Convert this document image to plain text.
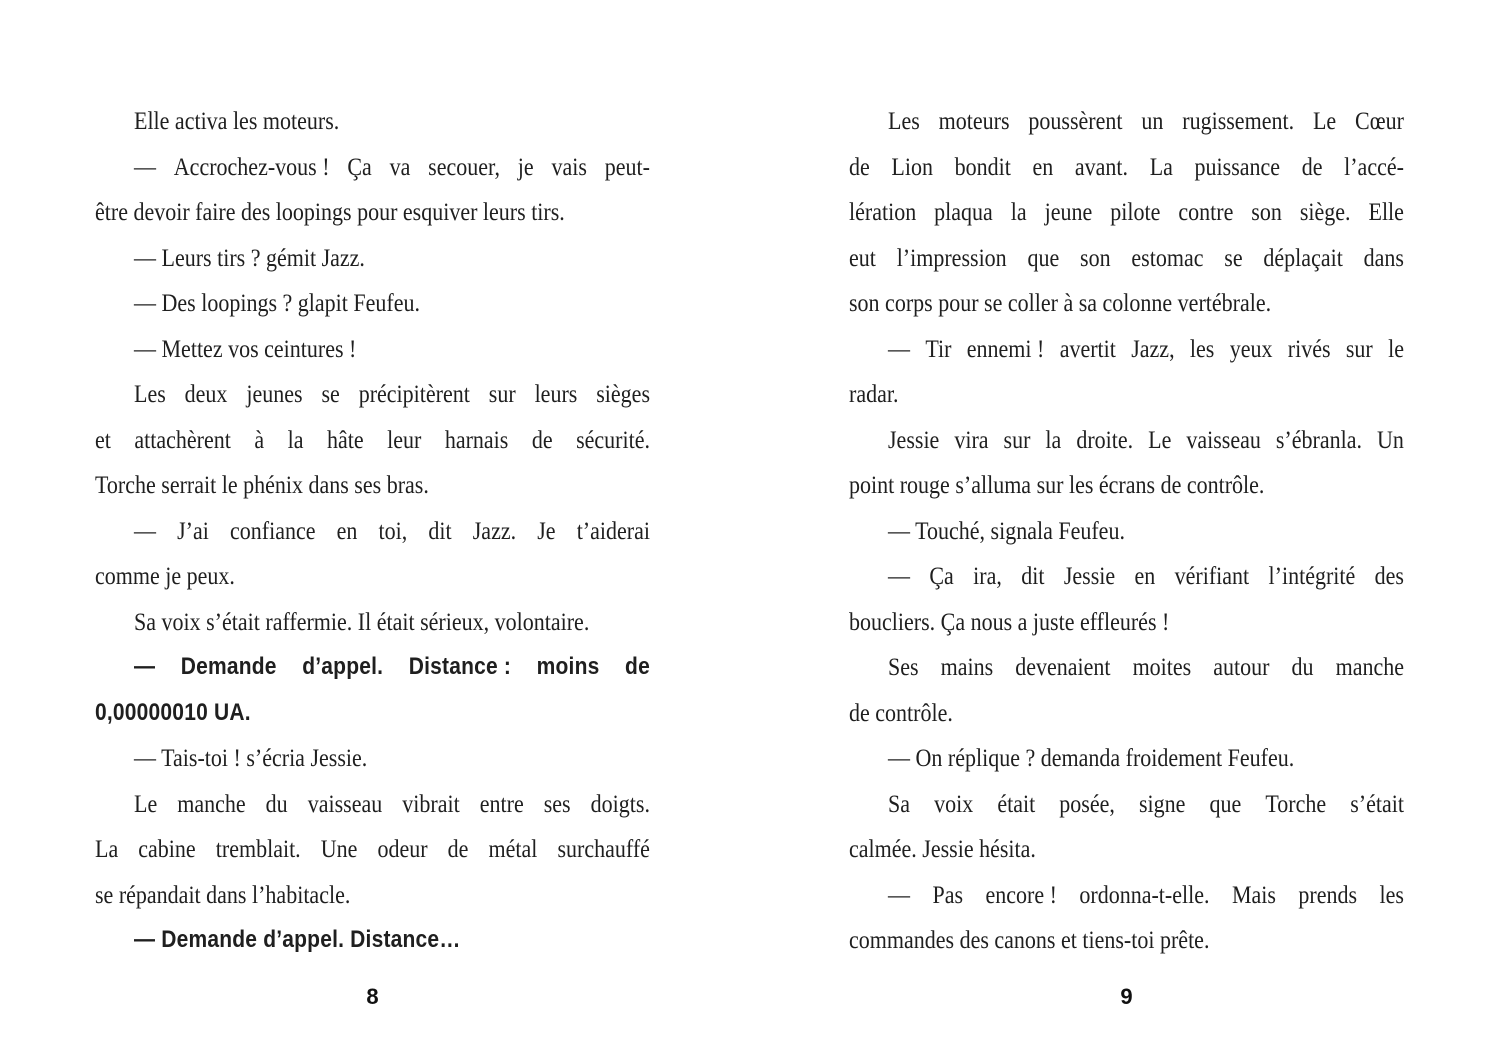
Elle activa les moteurs.
— Accrochez-vous ! Ça va secouer, je vais peut-
être devoir faire des loopings pour esquiver leurs tirs.
— Leurs tirs ? gémit Jazz.
— Des loopings ? glapit Feufeu.
— Mettez vos ceintures !
Les deux jeunes se précipitèrent sur leurs sièges
et attachèrent à la hâte leur harnais de sécurité.
Torche serrait le phénix dans ses bras.
— J’ai confiance en toi, dit Jazz. Je t’aiderai
comme je peux.
Sa voix s’était raffermie. Il était sérieux, volontaire.
— Demande d’appel. Distance : moins de
0,00000010 UA.
— Tais-toi ! s’écria Jessie.
Le manche du vaisseau vibrait entre ses doigts.
La cabine tremblait. Une odeur de métal surchauffé
se répandait dans l’habitacle.
— Demande d’appel. Distance…
8
Les moteurs poussèrent un rugissement. Le Cœur
de Lion bondit en avant. La puissance de l’accé-
lération plaqua la jeune pilote contre son siège. Elle
eut l’impression que son estomac se déplaçait dans
son corps pour se coller à sa colonne vertébrale.
— Tir ennemi ! avertit Jazz, les yeux rivés sur le
radar.
Jessie vira sur la droite. Le vaisseau s’ébranla. Un
point rouge s’alluma sur les écrans de contrôle.
— Touché, signala Feufeu.
— Ça ira, dit Jessie en vérifiant l’intégrité des
boucliers. Ça nous a juste effleurés !
Ses mains devenaient moites autour du manche
de contrôle.
— On réplique ? demanda froidement Feufeu.
Sa voix était posée, signe que Torche s’était
calmée. Jessie hésita.
— Pas encore ! ordonna-t-elle. Mais prends les
commandes des canons et tiens-toi prête.
9
